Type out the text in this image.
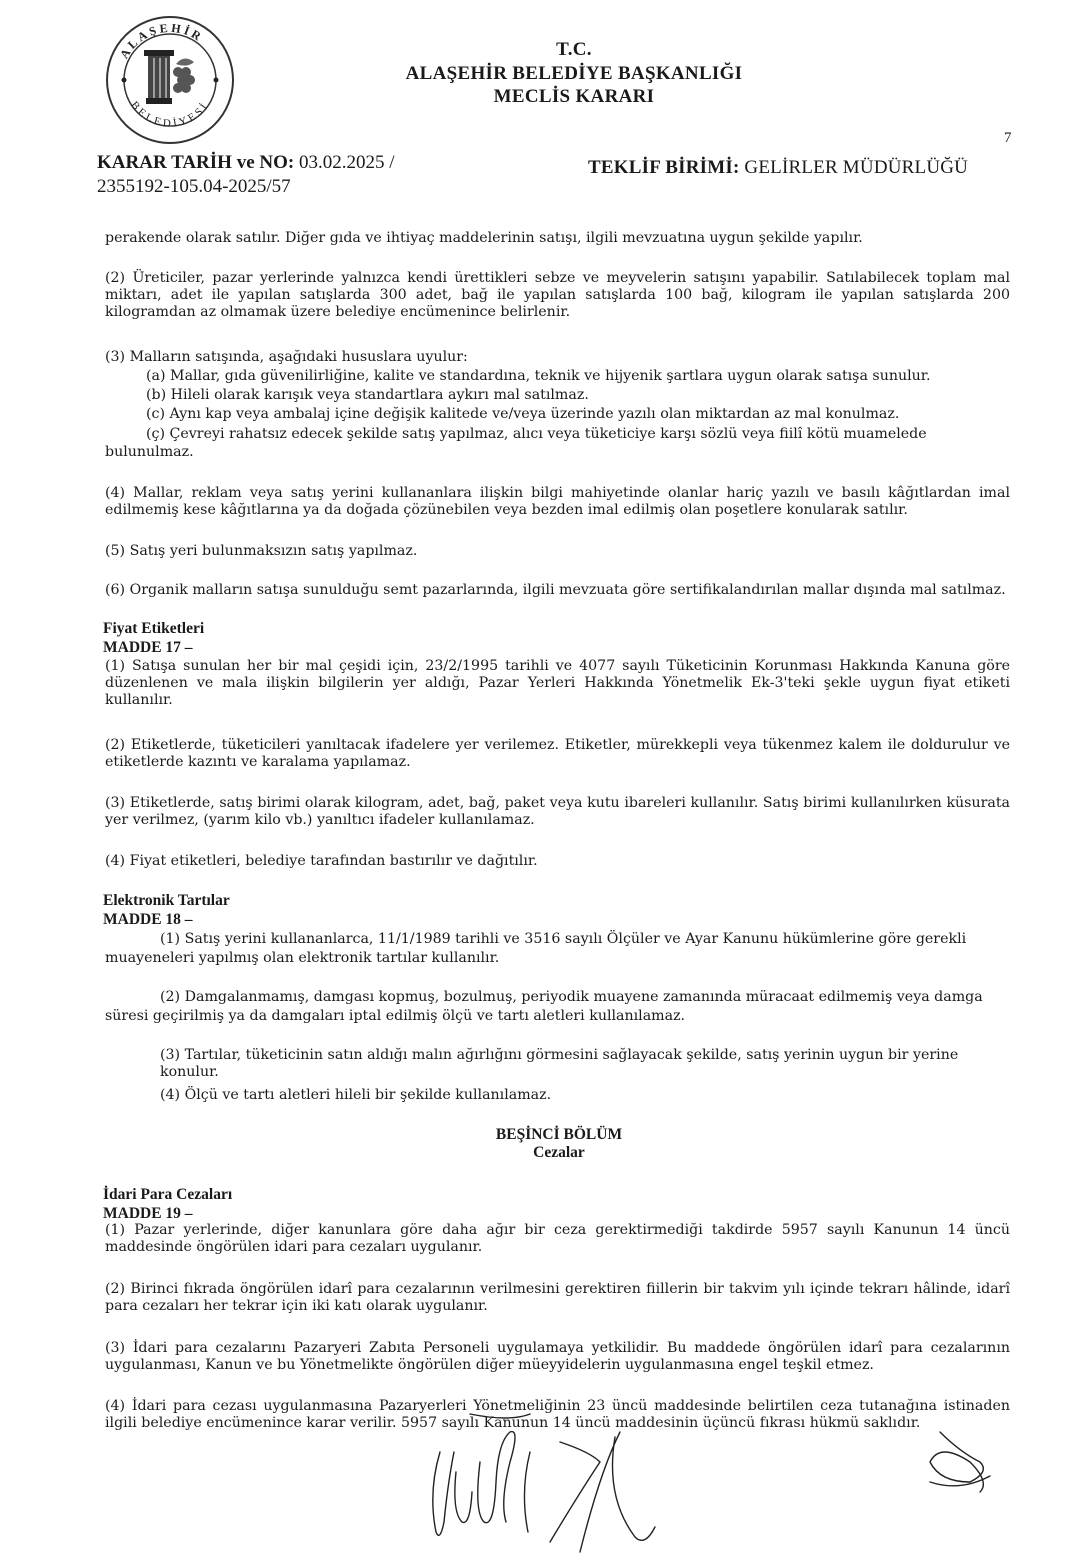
ALAŞEHİR
BELEDİYESİ
T.C.
ALAŞEHİR BELEDİYE BAŞKANLIĞI
MECLİS KARARI
7
KARAR TARİH ve NO: 03.02.2025 /
2355192-105.04-2025/57
TEKLİF BİRİMİ: GELİRLER MÜDÜRLÜĞÜ
perakende olarak satılır. Diğer gıda ve ihtiyaç maddelerinin satışı, ilgili mevzuatına uygun şekilde yapılır.
(2) Üreticiler, pazar yerlerinde yalnızca kendi ürettikleri sebze ve meyvelerin satışını yapabilir. Satılabilecek toplam mal miktarı, adet ile yapılan satışlarda 300 adet, bağ ile yapılan satışlarda 100 bağ, kilogram ile yapılan satışlarda 200 kilogramdan az olmamak üzere belediye encümenince belirlenir.
(3) Malların satışında, aşağıdaki hususlara uyulur:
(a) Mallar, gıda güvenilirliğine, kalite ve standardına, teknik ve hijyenik şartlara uygun olarak satışa sunulur.
(b) Hileli olarak karışık veya standartlara aykırı mal satılmaz.
(c) Aynı kap veya ambalaj içine değişik kalitede ve/veya üzerinde yazılı olan miktardan az mal konulmaz.
(ç) Çevreyi rahatsız edecek şekilde satış yapılmaz, alıcı veya tüketiciye karşı sözlü veya fiilî kötü muamelede
bulunulmaz.
(4) Mallar, reklam veya satış yerini kullananlara ilişkin bilgi mahiyetinde olanlar hariç yazılı ve basılı kâğıtlardan imal edilmemiş kese kâğıtlarına ya da doğada çözünebilen veya bezden imal edilmiş olan poşetlere konularak satılır.
(5) Satış yeri bulunmaksızın satış yapılmaz.
(6) Organik malların satışa sunulduğu semt pazarlarında, ilgili mevzuata göre sertifikalandırılan mallar dışında mal satılmaz.
Fiyat Etiketleri
MADDE 17 –
(1) Satışa sunulan her bir mal çeşidi için, 23/2/1995 tarihli ve 4077 sayılı Tüketicinin Korunması Hakkında Kanuna göre düzenlenen ve mala ilişkin bilgilerin yer aldığı, Pazar Yerleri Hakkında Yönetmelik Ek-3'teki şekle uygun fiyat etiketi kullanılır.
(2) Etiketlerde, tüketicileri yanıltacak ifadelere yer verilemez. Etiketler, mürekkepli veya tükenmez kalem ile doldurulur ve etiketlerde kazıntı ve karalama yapılamaz.
(3) Etiketlerde, satış birimi olarak kilogram, adet, bağ, paket veya kutu ibareleri kullanılır. Satış birimi kullanılırken küsurata yer verilmez, (yarım kilo vb.) yanıltıcı ifadeler kullanılamaz.
(4) Fiyat etiketleri, belediye tarafından bastırılır ve dağıtılır.
Elektronik Tartılar
MADDE 18 –
(1) Satış yerini kullananlarca, 11/1/1989 tarihli ve 3516 sayılı Ölçüler ve Ayar Kanunu hükümlerine göre gerekli
muayeneleri yapılmış olan elektronik tartılar kullanılır.
(2) Damgalanmamış, damgası kopmuş, bozulmuş, periyodik muayene zamanında müracaat edilmemiş veya damga
süresi geçirilmiş ya da damgaları iptal edilmiş ölçü ve tartı aletleri kullanılamaz.
(3) Tartılar, tüketicinin satın aldığı malın ağırlığını görmesini sağlayacak şekilde, satış yerinin uygun bir yerine konulur.
(4) Ölçü ve tartı aletleri hileli bir şekilde kullanılamaz.
BEŞİNCİ BÖLÜM
Cezalar
İdari Para Cezaları
MADDE 19 –
(1) Pazar yerlerinde, diğer kanunlara göre daha ağır bir ceza gerektirmediği takdirde 5957 sayılı Kanunun 14 üncü maddesinde öngörülen idari para cezaları uygulanır.
(2) Birinci fıkrada öngörülen idarî para cezalarının verilmesini gerektiren fiillerin bir takvim yılı içinde tekrarı hâlinde, idarî para cezaları her tekrar için iki katı olarak uygulanır.
(3) İdari para cezalarını Pazaryeri Zabıta Personeli uygulamaya yetkilidir. Bu maddede öngörülen idarî para cezalarının uygulanması, Kanun ve bu Yönetmelikte öngörülen diğer müeyyidelerin uygulanmasına engel teşkil etmez.
(4) İdari para cezası uygulanmasına Pazaryerleri Yönetmeliğinin 23 üncü maddesinde belirtilen ceza tutanağına istinaden ilgili belediye encümenince karar verilir. 5957 sayılı Kanunun 14 üncü maddesinin üçüncü fıkrası hükmü saklıdır.
